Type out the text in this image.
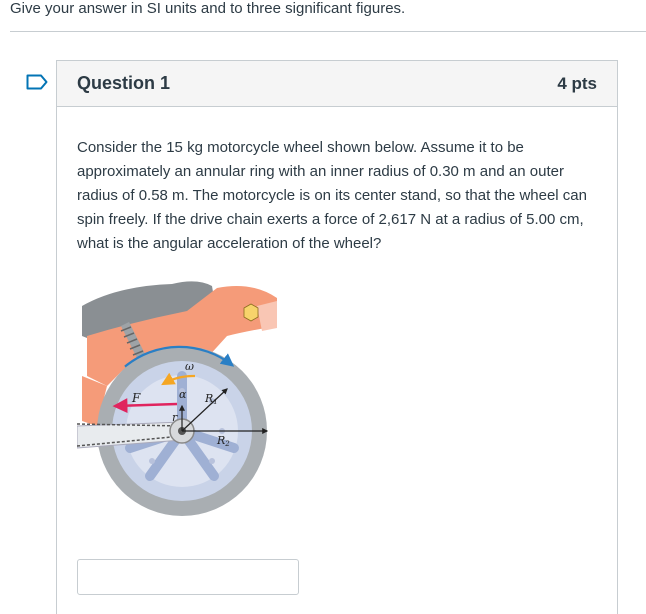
Give your answer in SI units and to three significant figures.
Question 1	4 pts
Consider the 15 kg motorcycle wheel shown below. Assume it to be approximately an annular ring with an inner radius of 0.30 m and an outer radius of 0.58 m. The motorcycle is on its center stand, so that the wheel can spin freely. If the drive chain exerts a force of 2,617 N at a radius of 5.00 cm, what is the angular acceleration of the wheel?
ω
α
F
r
R1
R2
